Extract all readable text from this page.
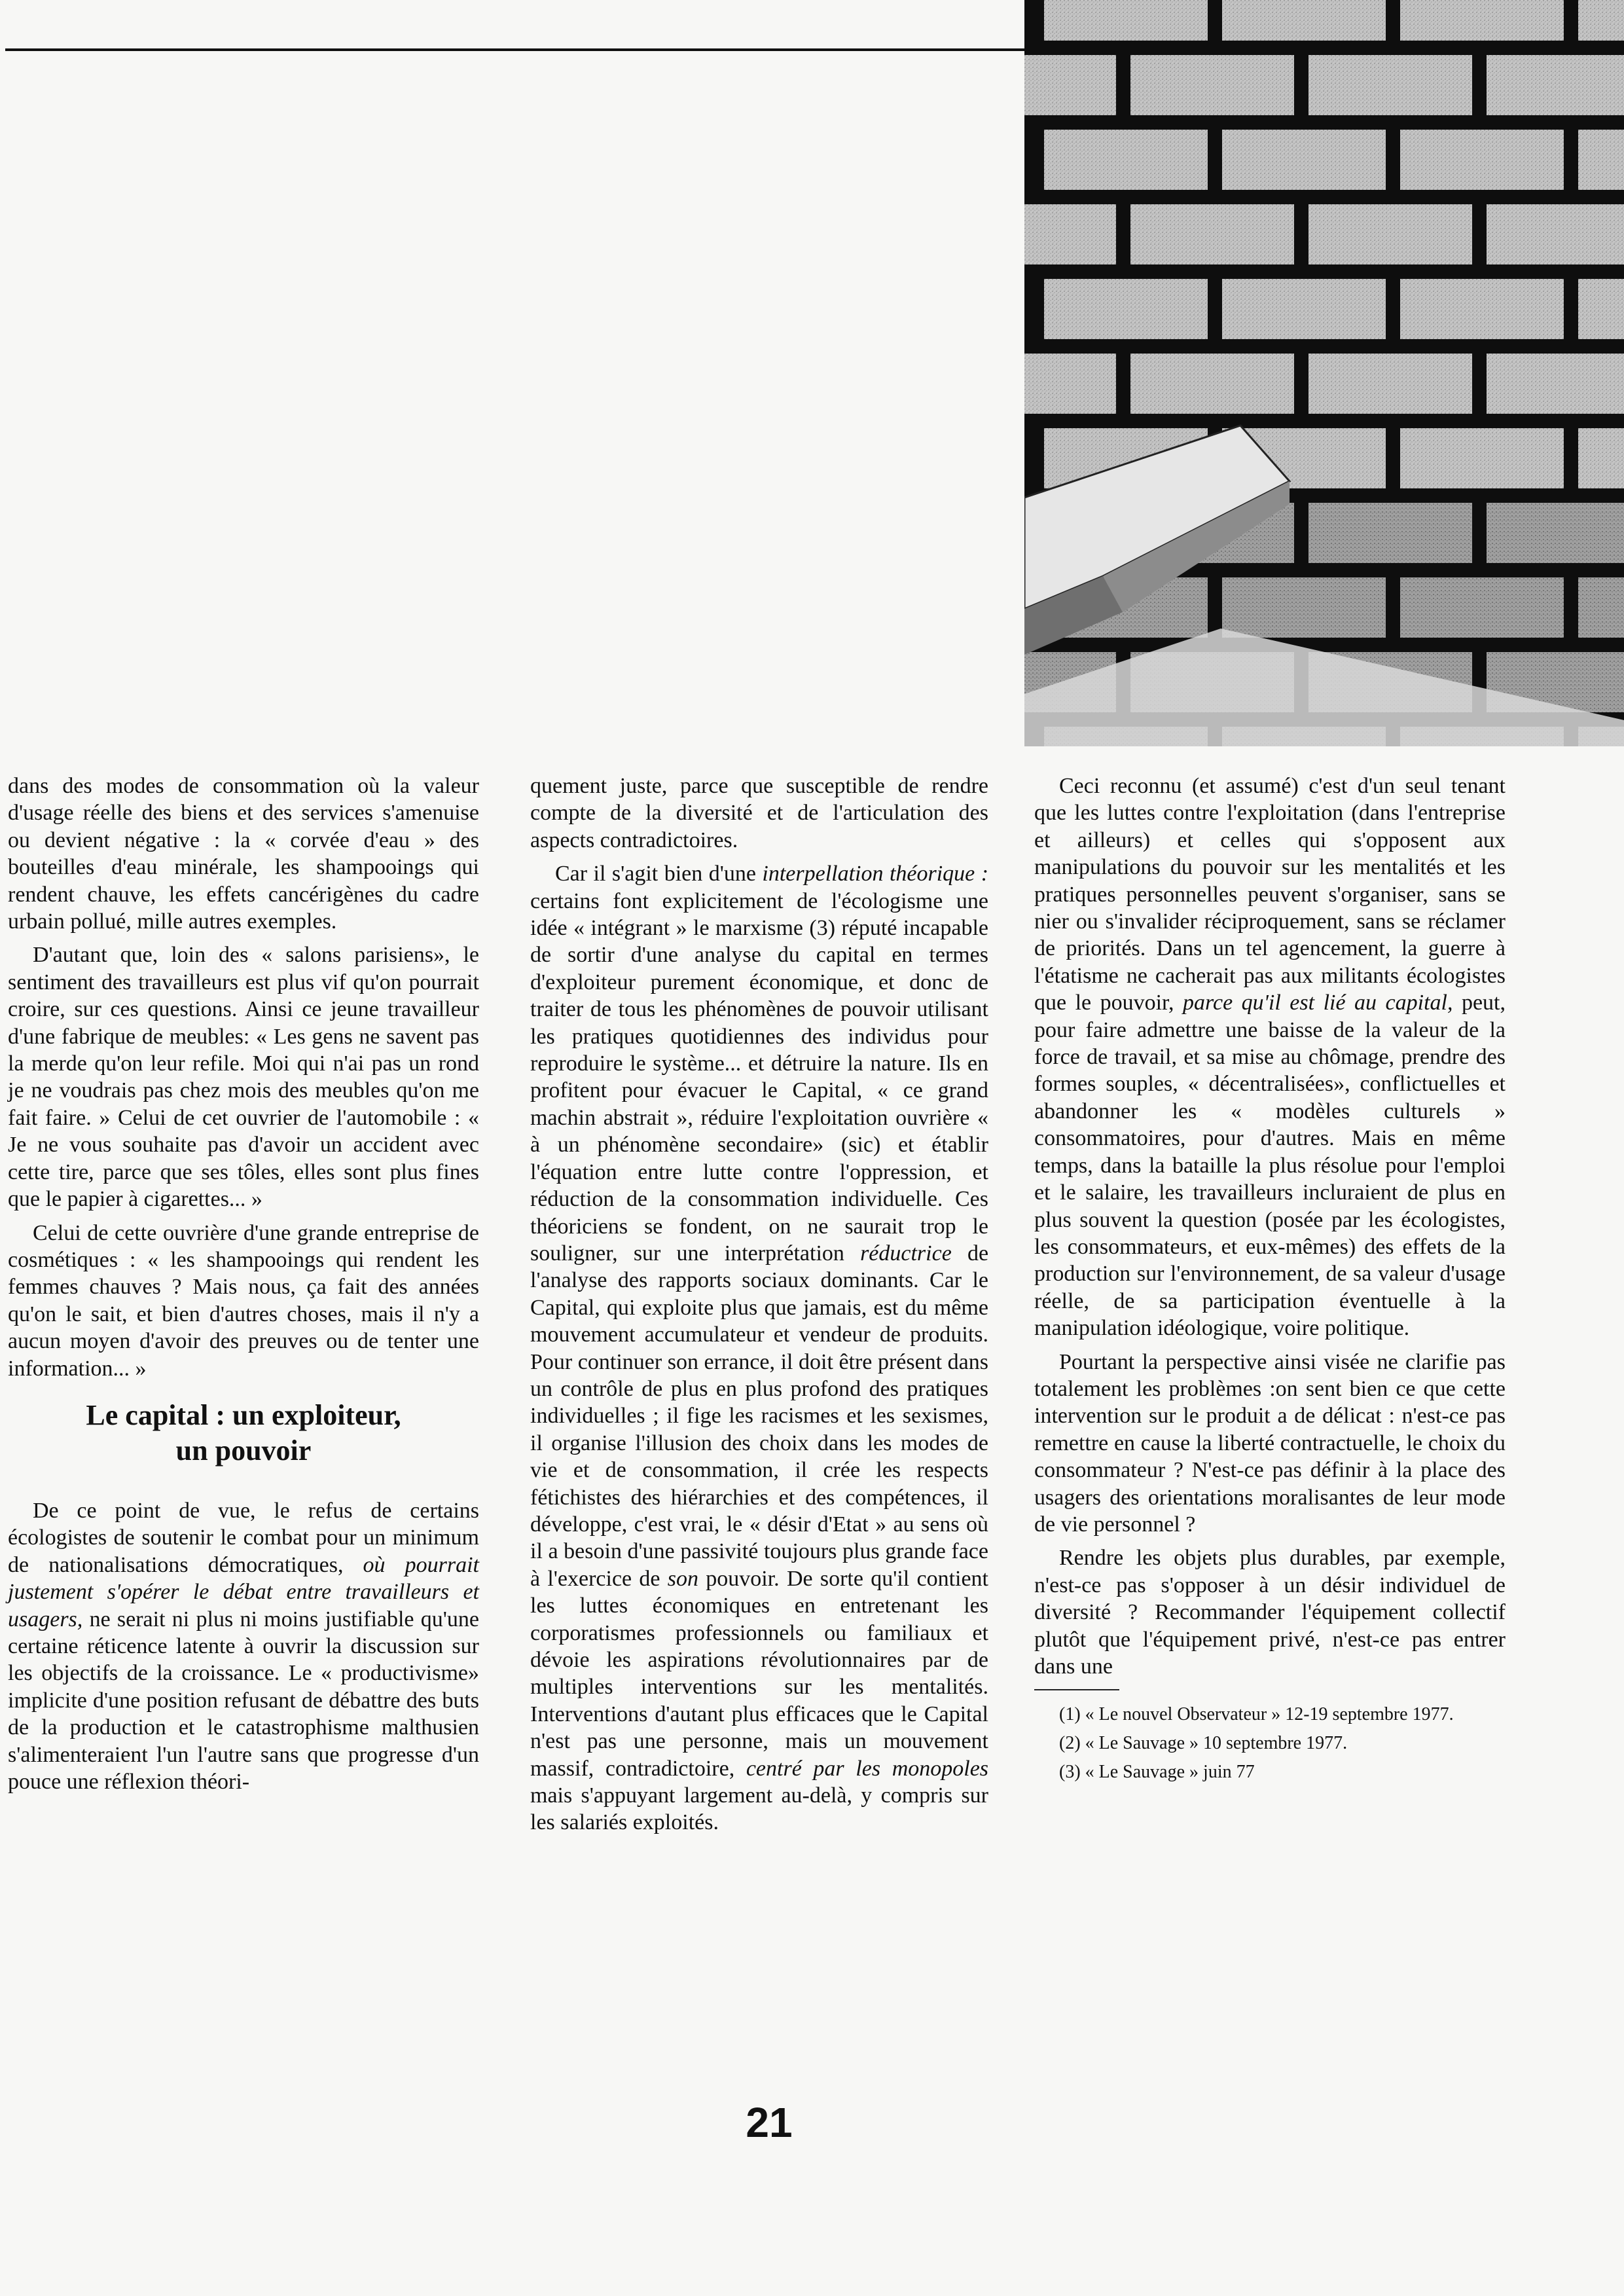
dans des modes de consommation où la valeur d'usage réelle des biens et des services s'amenuise ou devient négative : la « corvée d'eau » des bouteilles d'eau minérale, les shampooings qui rendent chauve, les effets cancérigènes du cadre urbain pollué, mille autres exemples.

D'autant que, loin des « salons parisiens», le sentiment des travailleurs est plus vif qu'on pourrait croire, sur ces questions. Ainsi ce jeune travailleur d'une fabrique de meubles: « Les gens ne savent pas la merde qu'on leur refile. Moi qui n'ai pas un rond je ne voudrais pas chez mois des meubles qu'on me fait faire. » Celui de cet ouvrier de l'automobile : « Je ne vous souhaite pas d'avoir un accident avec cette tire, parce que ses tôles, elles sont plus fines que le papier à cigarettes... »

Celui de cette ouvrière d'une grande entreprise de cosmétiques : « les shampooings qui rendent les femmes chauves ? Mais nous, ça fait des années qu'on le sait, et bien d'autres choses, mais il n'y a aucun moyen d'avoir des preuves ou de tenter une information... »

Le capital : un exploiteur,
un pouvoir

De ce point de vue, le refus de certains écologistes de soutenir le combat pour un minimum de nationalisations démocratiques, où pourrait justement s'opérer le débat entre travailleurs et usagers, ne serait ni plus ni moins justifiable qu'une certaine réticence latente à ouvrir la discussion sur les objectifs de la croissance. Le « productivisme» implicite d'une position refusant de débattre des buts de la production et le catastrophisme malthusien s'alimenteraient l'un l'autre sans que progresse d'un pouce une réflexion théori-

quement juste, parce que susceptible de rendre compte de la diversité et de l'articulation des aspects contradictoires.

Car il s'agit bien d'une interpellation théorique : certains font explicitement de l'écologisme une idée « intégrant » le marxisme (3) réputé incapable de sortir d'une analyse du capital en termes d'exploiteur purement économique, et donc de traiter de tous les phénomènes de pouvoir utilisant les pratiques quotidiennes des individus pour reproduire le système... et détruire la nature. Ils en profitent pour évacuer le Capital, « ce grand machin abstrait », réduire l'exploitation ouvrière « à un phénomène secondaire» (sic) et établir l'équation entre lutte contre l'oppression, et réduction de la consommation individuelle. Ces théoriciens se fondent, on ne saurait trop le souligner, sur une interprétation réductrice de l'analyse des rapports sociaux dominants. Car le Capital, qui exploite plus que jamais, est du même mouvement accumulateur et vendeur de produits. Pour continuer son errance, il doit être présent dans un contrôle de plus en plus profond des pratiques individuelles ; il fige les racismes et les sexismes, il organise l'illusion des choix dans les modes de vie et de consommation, il crée les respects fétichistes des hiérarchies et des compétences, il développe, c'est vrai, le « désir d'Etat » au sens où il a besoin d'une passivité toujours plus grande face à l'exercice de son pouvoir. De sorte qu'il contient les luttes économiques en entretenant les corporatismes professionnels ou familiaux et dévoie les aspirations révolutionnaires par de multiples interventions sur les mentalités. Interventions d'autant plus efficaces que le Capital n'est pas une personne, mais un mouvement massif, contradictoire, centré par les monopoles mais s'appuyant largement au-delà, y compris sur les salariés exploités.

Ceci reconnu (et assumé) c'est d'un seul tenant que les luttes contre l'exploitation (dans l'entreprise et ailleurs) et celles qui s'opposent aux manipulations du pouvoir sur les mentalités et les pratiques personnelles peuvent s'organiser, sans se nier ou s'invalider réciproquement, sans se réclamer de priorités. Dans un tel agencement, la guerre à l'étatisme ne cacherait pas aux militants écologistes que le pouvoir, parce qu'il est lié au capital, peut, pour faire admettre une baisse de la valeur de la force de travail, et sa mise au chômage, prendre des formes souples, « décentralisées», conflictuelles et abandonner les « modèles culturels » consommatoires, pour d'autres. Mais en même temps, dans la bataille la plus résolue pour l'emploi et le salaire, les travailleurs incluraient de plus en plus souvent la question (posée par les écologistes, les consommateurs, et eux-mêmes) des effets de la production sur l'environnement, de sa valeur d'usage réelle, de sa participation éventuelle à la manipulation idéologique, voire politique.

Pourtant la perspective ainsi visée ne clarifie pas totalement les problèmes :on sent bien ce que cette intervention sur le produit a de délicat : n'est-ce pas remettre en cause la liberté contractuelle, le choix du consommateur ? N'est-ce pas définir à la place des usagers des orientations moralisantes de leur mode de vie personnel ?

Rendre les objets plus durables, par exemple, n'est-ce pas s'opposer à un désir individuel de diversité ? Recommander l'équipement collectif plutôt que l'équipement privé, n'est-ce pas entrer dans une

(1) « Le nouvel Observateur » 12-19 septembre 1977.

(2) « Le Sauvage » 10 septembre 1977.

(3) « Le Sauvage » juin 77

21
